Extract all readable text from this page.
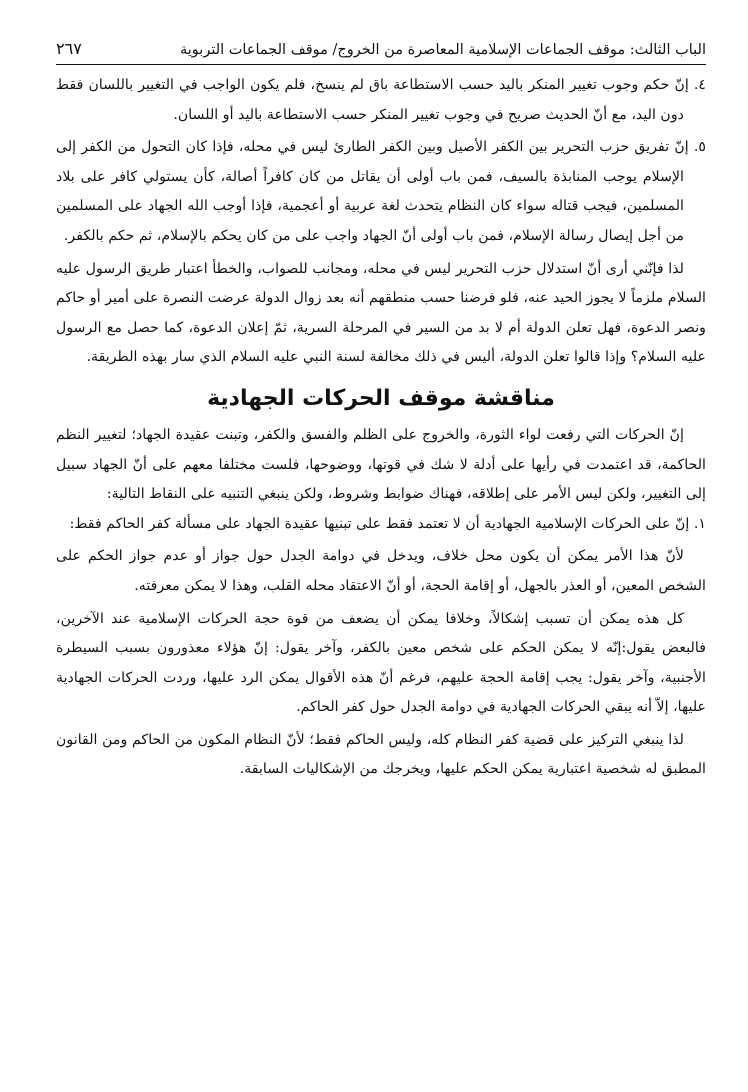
الباب الثالث: موقف الجماعات الإسلامية المعاصرة من الخروج/ موقف الجماعات التربوية
٢٦٧

٤. إنّ حكم وجوب تغيير المنكر باليد حسب الاستطاعة باق لم ينسخ، فلم يكون الواجب في التغيير باللسان فقط دون اليد، مع أنّ الحديث صريح في وجوب تغيير المنكر حسب الاستطاعة باليد أو اللسان.

٥. إنّ تفريق حزب التحرير بين الكفر الأصيل وبين الكفر الطارئ ليس في محله، فإذا كان التحول من الكفر إلى الإسلام يوجب المنابذة بالسيف، فمن باب أولى أن يقاتل من كان كافراً أصالة، كأن يستولي كافر على بلاد المسلمين، فيجب قتاله سواء كان النظام يتحدث لغة عربية أو أعجمية، فإذا أوجب الله الجهاد على المسلمين من أجل إيصال رسالة الإسلام، فمن باب أولى أنّ الجهاد واجب على من كان يحكم بالإسلام، ثم حكم بالكفر.

لذا فإنّني أرى أنّ استدلال حزب التحرير ليس في محله، ومجانب للصواب، والخطأ اعتبار طريق الرسول عليه السلام ملزماً لا يجوز الحيد عنه، فلو فرضنا حسب منطقهم أنه بعد زوال الدولة عرضت النصرة على أمير أو حاكم ونصر الدعوة، فهل تعلن الدولة أم لا بد من السير في المرحلة السرية، ثمّ إعلان الدعوة، كما حصل مع الرسول عليه السلام؟ وإذا قالوا تعلن الدولة، أليس في ذلك مخالفة لسنة النبي عليه السلام الذي سار بهذه الطريقة.

مناقشة موقف الحركات الجهادية

إنّ الحركات التي رفعت لواء الثورة، والخروج على الظلم والفسق والكفر، وتبنت عقيدة الجهاد؛ لتغيير النظم الحاكمة، قد اعتمدت في رأيها على أدلة لا شك في قوتها، ووضوحها، فلست مختلفا معهم على أنّ الجهاد سبيل إلى التغيير، ولكن ليس الأمر على إطلاقه، فهناك ضوابط وشروط، ولكن ينبغي التنبيه على النقاط التالية:

١. إنّ على الحركات الإسلامية الجهادية أن لا تعتمد فقط على تبنيها عقيدة الجهاد على مسألة كفر الحاكم فقط:

لأنّ هذا الأمر يمكن أن يكون محل خلاف، ويدخل في دوامة الجدل حول جواز أو عدم جواز الحكم على الشخص المعين، أو العذر بالجهل، أو إقامة الحجة، أو أنّ الاعتقاد محله القلب، وهذا لا يمكن معرفته.

كل هذه يمكن أن تسبب إشكالاً، وخلافا يمكن أن يضعف من قوة حجة الحركات الإسلامية عند الآخرين، فالبعض يقول:إنّه لا يمكن الحكم على شخص معين بالكفر، وآخر يقول: إنّ هؤلاء معذورون بسبب السيطرة الأجنبية، وآخر يقول: يجب إقامة الحجة عليهم، فرغم أنّ هذه الأقوال يمكن الرد عليها، وردت الحركات الجهادية عليها، إلاّ أنه يبقي الحركات الجهادية في دوامة الجدل حول كفر الحاكم.

لذا ينبغي التركيز على قضية كفر النظام كله، وليس الحاكم فقط؛ لأنّ النظام المكون من الحاكم ومن القانون المطبق له شخصية اعتبارية يمكن الحكم عليها، ويخرجك من الإشكاليات السابقة.
